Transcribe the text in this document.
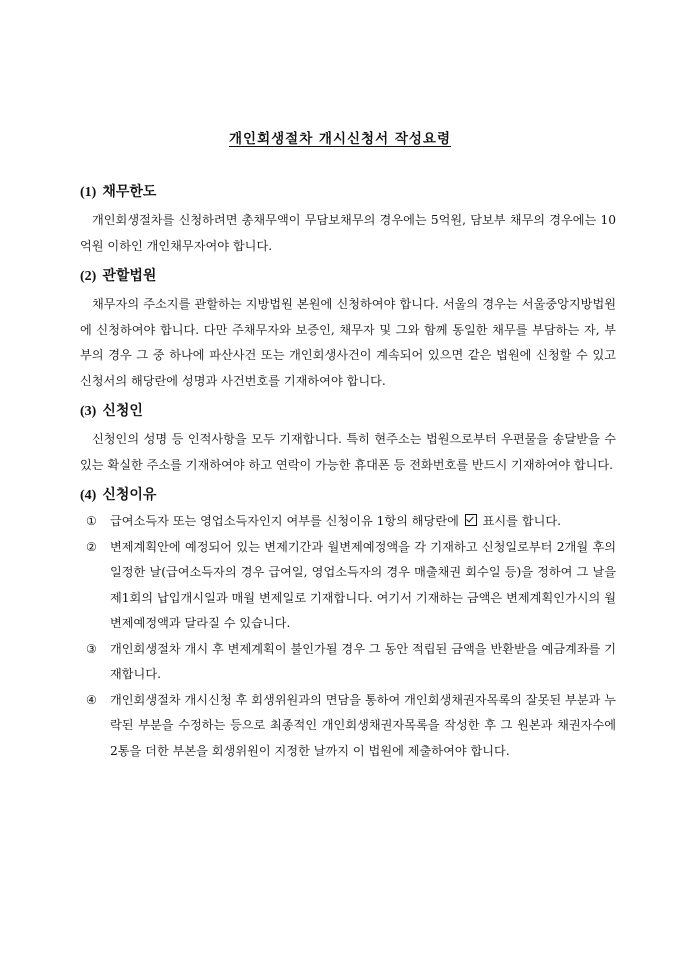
개인회생절차 개시신청서 작성요령

(1) 채무한도

개인회생절차를 신청하려면 총채무액이 무담보채무의 경우에는 5억원, 담보부 채무의 경우에는 10억원 이하인 개인채무자여야 합니다.

(2) 관할법원

채무자의 주소지를 관할하는 지방법원 본원에 신청하여야 합니다. 서울의 경우는 서울중앙지방법원에 신청하여야 합니다. 다만 주채무자와 보증인, 채무자 및 그와 함께 동일한 채무를 부담하는 자, 부부의 경우 그 중 하나에 파산사건 또는 개인회생사건이 계속되어 있으면 같은 법원에 신청할 수 있고 신청서의 해당란에 성명과 사건번호를 기재하여야 합니다.

(3) 신청인

신청인의 성명 등 인적사항을 모두 기재합니다. 특히 현주소는 법원으로부터 우편물을 송달받을 수 있는 확실한 주소를 기재하여야 하고 연락이 가능한 휴대폰 등 전화번호를 반드시 기재하여야 합니다.

(4) 신청이유

①	급여소득자 또는 영업소득자인지 여부를 신청이유 1항의 해당란에 표시를 합니다.
②	변제계획안에 예정되어 있는 변제기간과 월변제예정액을 각 기재하고 신청일로부터 2개월 후의 일정한 날(급여소득자의 경우 급여일, 영업소득자의 경우 매출채권 회수일 등)을 정하여 그 날을 제1회의 납입개시일과 매월 변제일로 기재합니다. 여기서 기재하는 금액은 변제계획인가시의 월변제예정액과 달라질 수 있습니다.
③	개인회생절차 개시 후 변제계획이 불인가될 경우 그 동안 적립된 금액을 반환받을 예금계좌를 기재합니다.
④	개인회생절차 개시신청 후 회생위원과의 면담을 통하여 개인회생채권자목록의 잘못된 부분과 누락된 부분을 수정하는 등으로 최종적인 개인회생채권자목록을 작성한 후 그 원본과 채권자수에 2통을 더한 부본을 회생위원이 지정한 날까지 이 법원에 제출하여야 합니다.
